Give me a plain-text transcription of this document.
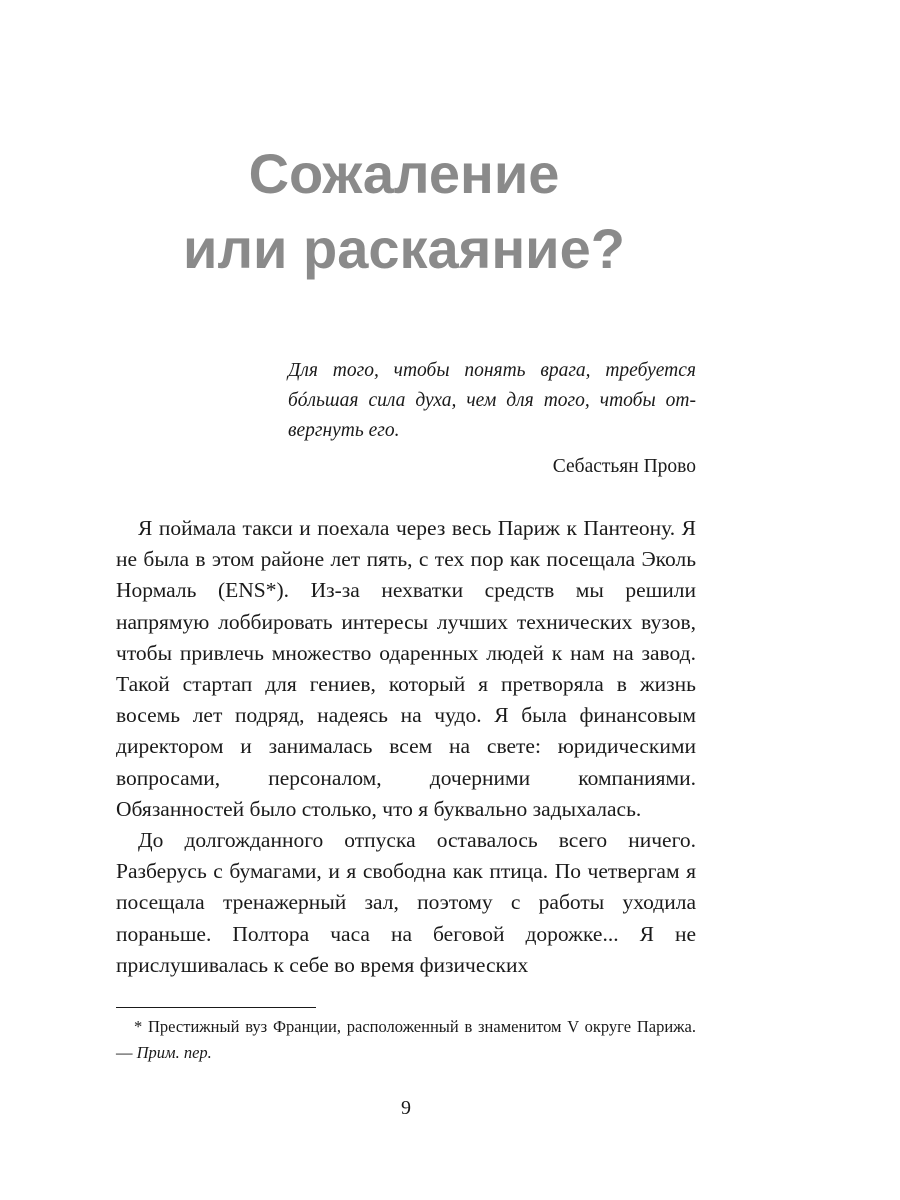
Сожаление
или раскаяние?

Для того, чтобы понять врага, требуется бóльшая сила духа, чем для того, чтобы отвергнуть его.

Себастьян Прово

Я поймала такси и поехала через весь Париж к Пантеону. Я не была в этом районе лет пять, с тех пор как посещала Эколь Нормаль (ENS*). Из-за нехватки средств мы решили напрямую лоббировать интересы лучших технических вузов, чтобы привлечь множество одаренных людей к нам на завод. Такой стартап для гениев, который я претворяла в жизнь восемь лет подряд, надеясь на чудо. Я была финансовым директором и занималась всем на свете: юридическими вопросами, персоналом, дочерними компаниями. Обязанностей было столько, что я буквально задыхалась.

До долгожданного отпуска оставалось всего ничего. Разберусь с бумагами, и я свободна как птица. По четвергам я посещала тренажерный зал, поэтому с работы уходила пораньше. Полтора часа на беговой дорожке... Я не прислушивалась к себе во время физических

* Престижный вуз Франции, расположенный в знаменитом V округе Парижа. — Прим. пер.

9
